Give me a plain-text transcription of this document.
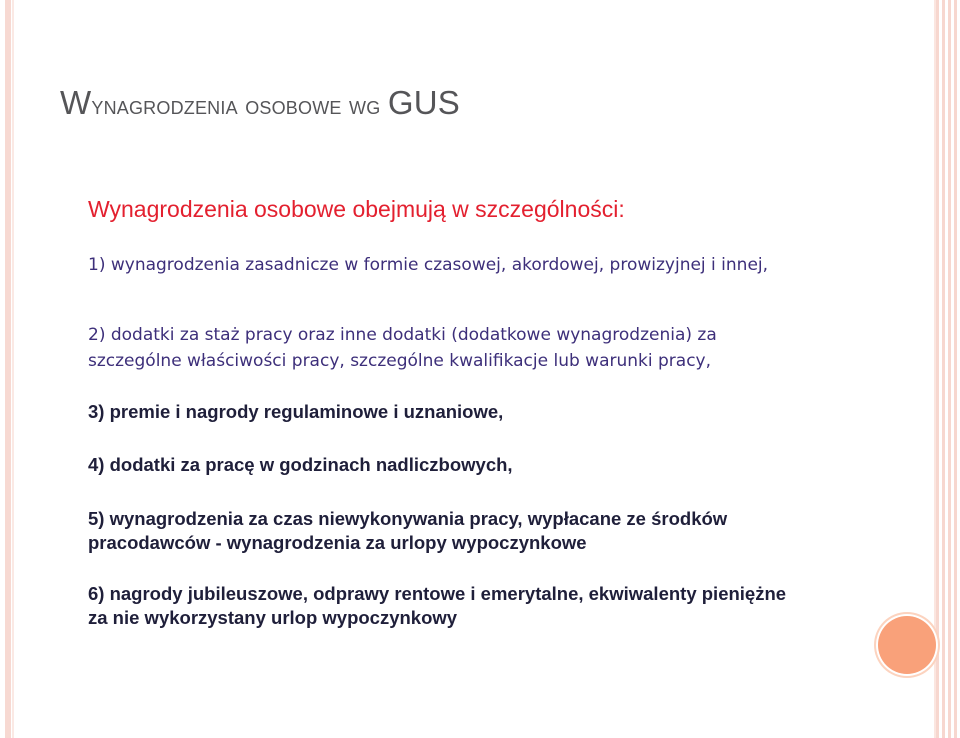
Wynagrodzenia osobowe wg GUS

Wynagrodzenia osobowe obejmują w szczególności:

1) wynagrodzenia zasadnicze w formie czasowej, akordowej, prowizyjnej i innej,

2) dodatki za staż pracy oraz inne dodatki (dodatkowe wynagrodzenia) za szczególne właściwości pracy, szczególne kwalifikacje lub warunki pracy,

3) premie i nagrody regulaminowe i uznaniowe,

4) dodatki za pracę w godzinach nadliczbowych,

5) wynagrodzenia za czas niewykonywania pracy, wypłacane ze środków pracodawców - wynagrodzenia za urlopy wypoczynkowe

6) nagrody jubileuszowe, odprawy rentowe i emerytalne, ekwiwalenty pieniężne za nie wykorzystany urlop wypoczynkowy
